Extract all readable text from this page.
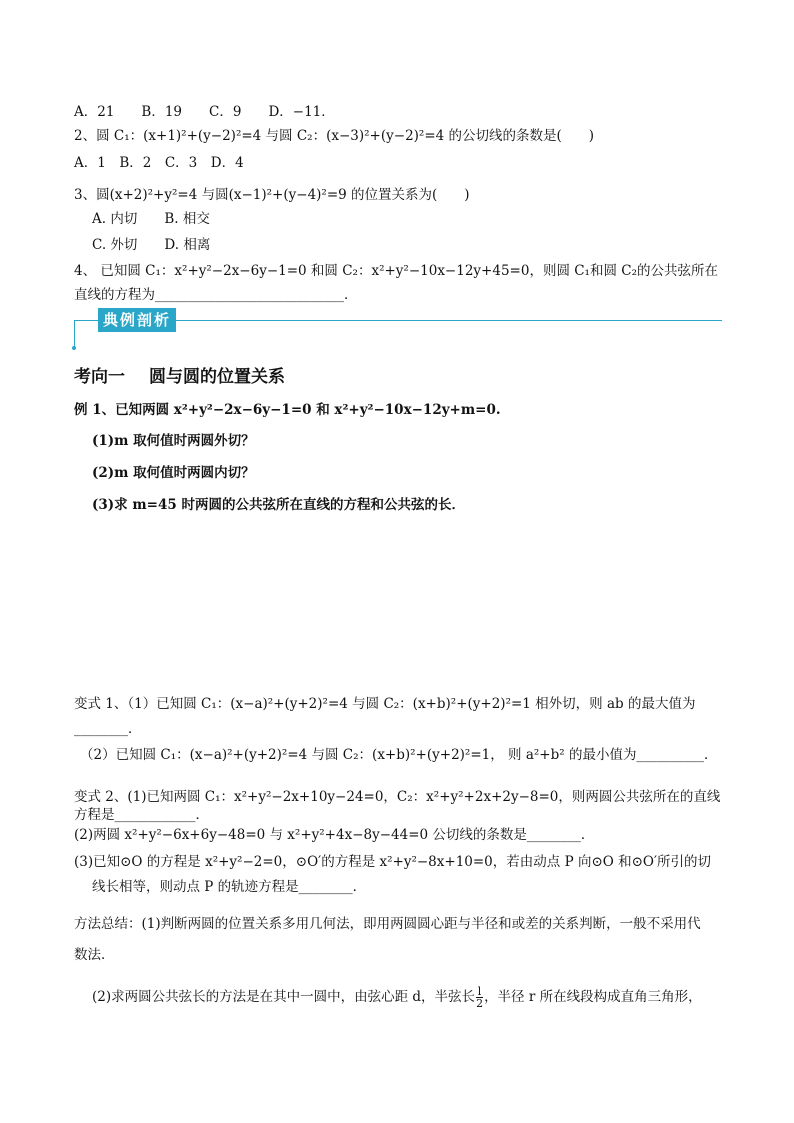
A．21　　B．19　　C．9　　D．−11．
2、圆 C₁：(x+1)²+(y−2)²=4 与圆 C₂：(x−3)²+(y−2)²=4 的公切线的条数是(　　)
A．1　B．2　C．3　D．4
3、圆(x+2)²+y²=4 与圆(x−1)²+(y−4)²=9 的位置关系为(　　)
A. 内切　　B. 相交
C. 外切　　D. 相离
4、 已知圆 C₁：x²+y²−2x−6y−1=0 和圆 C₂：x²+y²−10x−12y+45=0，则圆 C₁和圆 C₂的公共弦所在
直线的方程为____________________________．
典例剖析
考向一 圆与圆的位置关系
例 1、已知两圆 x²+y²−2x−6y−1=0 和 x²+y²−10x−12y+m=0.
(1)m 取何值时两圆外切？
(2)m 取何值时两圆内切？
(3)求 m=45 时两圆的公共弦所在直线的方程和公共弦的长．
变式 1、（1）已知圆 C₁：(x−a)²+(y+2)²=4 与圆 C₂：(x+b)²+(y+2)²=1 相外切，则 ab 的最大值为
________．
（2）已知圆 C₁：(x−a)²+(y+2)²=4 与圆 C₂：(x+b)²+(y+2)²=1， 则 a²+b² 的最小值为__________．
变式 2、(1)已知两圆 C₁：x²+y²−2x+10y−24=0，C₂：x²+y²+2x+2y−8=0，则两圆公共弦所在的直线
方程是____________．
(2)两圆 x²+y²−6x+6y−48=0 与 x²+y²+4x−8y−44=0 公切线的条数是________．
(3)已知⊙O 的方程是 x²+y²−2=0，⊙O′的方程是 x²+y²−8x+10=0，若由动点 P 向⊙O 和⊙O′所引的切
线长相等，则动点 P 的轨迹方程是________．
方法总结：(1)判断两圆的位置关系多用几何法，即用两圆圆心距与半径和或差的关系判断，一般不采用代
数法．
(2)求两圆公共弦长的方法是在其中一圆中，由弦心距 d，半弦长 $\frac{l}{2}$ ，半径 r 所在线段构成直角三角形，
